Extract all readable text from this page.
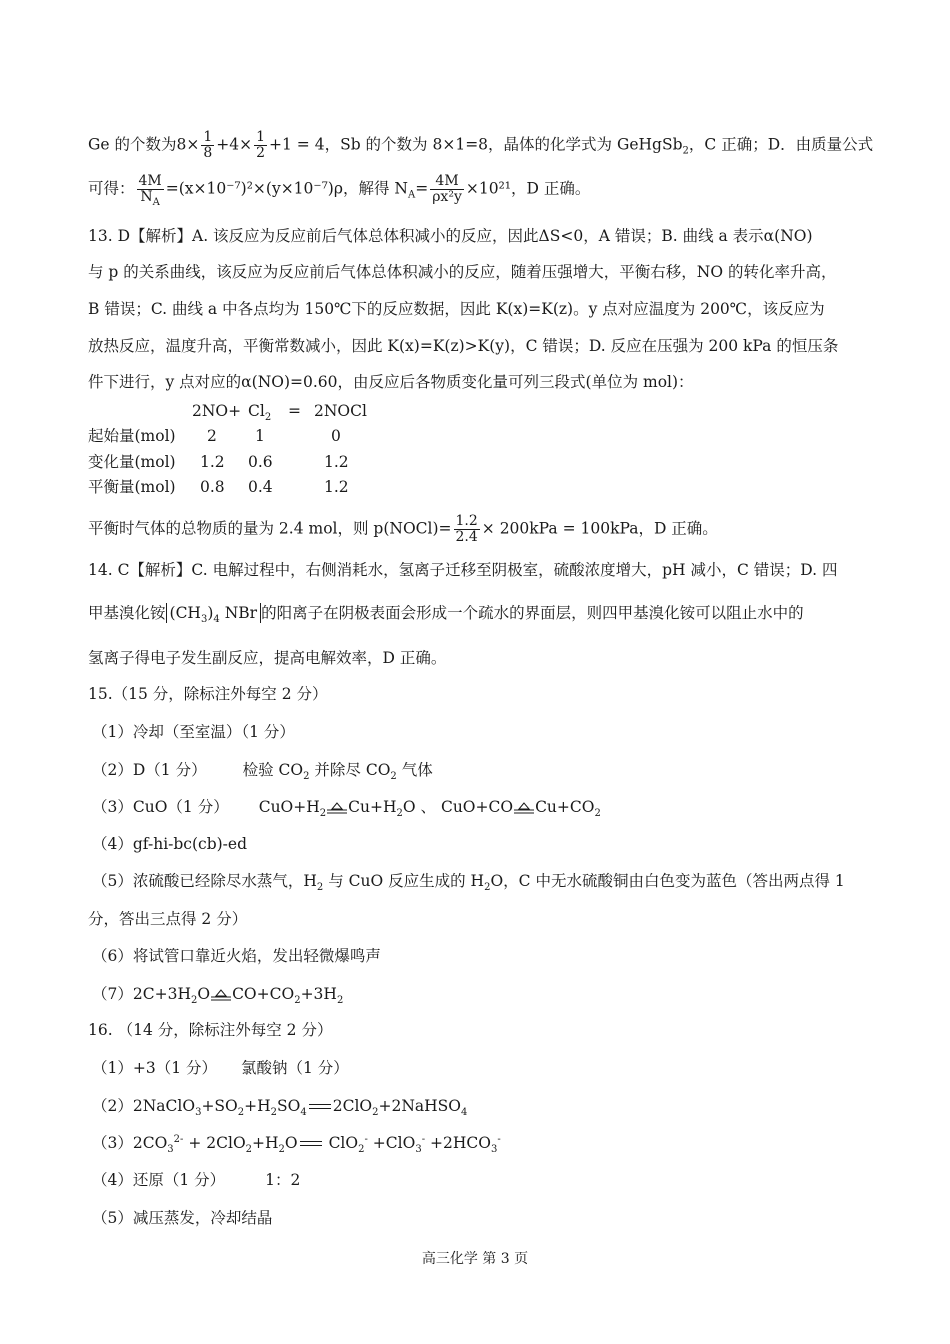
Ge 的个数为$8\times \frac{1}{8} +4\times \frac{1}{2} +1 = 4$，Sb 的个数为 8×1=8，晶体的化学式为 GeHgSb$_2$，C 正确；D．由质量公式
可得： $\frac{4M}{N_A} =(x\times 10^{-7})^2\times(y\times 10^{-7})\rho$，解得 $N_A= \frac{4M}{\text{ρx²y}} \times 10^{21}$，D 正确。
13. D【解析】A. 该反应为反应前后气体总体积减小的反应，因此ΔS<0，A 错误；B. 曲线 a 表示α(NO)
与 p 的关系曲线，该反应为反应前后气体总体积减小的反应，随着压强增大，平衡右移，NO 的转化率升高，
B 错误；C. 曲线 a 中各点均为 150℃下的反应数据，因此 K(x)=K(z)。y 点对应温度为 200℃，该反应为
放热反应，温度升高，平衡常数减小，因此 K(x)=K(z)>K(y)，C 错误；D. 反应在压强为 200 kPa 的恒压条
件下进行，y 点对应的α(NO)=0.60，由反应后各物质变化量可列三段式(单位为 mol)：
$2NO+ Cl_2$ = 2NOCl
起始量(mol) 2 1	0
变化量(mol) 1.2 0.6	1.2
平衡量(mol) 0.8 0.4	1.2
平衡时气体的总物质的量为 2.4 mol，则 p(NOCl)= $\frac{1.2}{2.4} \times 200kPa = 100kPa$，D 正确。
14. C【解析】C. 电解过程中，右侧消耗水，氢离子迁移至阴极室，硫酸浓度增大，pH 减小，C 错误；D. 四
甲基溴化铵 $(CH_3)_4$ NBr 的阳离子在阴极表面会形成一个疏水的界面层，则四甲基溴化铵可以阻止水中的
氢离子得电子发生副反应，提高电解效率，D 正确。
15.（15 分，除标注外每空 2 分）
（1）冷却（至室温）（1 分）
（2）D（1 分） 检验 $CO_2$ 并除尽 $CO_2$ 气体
（3）CuO（1 分） $CuO+H_2$ $Cu+H_2O$ 、 CuO+CO $Cu+CO_2$
（4）gf-hi-bc(cb)-ed
（5）浓硫酸已经除尽水蒸气，$H_2$ 与 CuO 反应生成的 $H_2O$，C 中无水硫酸铜由白色变为蓝色（答出两点得 1
分，答出三点得 2 分）
（6）将试管口靠近火焰，发出轻微爆鸣声
$(7)2C+3H_2O$ $CO+CO_2+3H_2$
16. （14 分，除标注外每空 2 分）
（1）+3（1 分） 氯酸钠（1 分）
$(2)2NaClO_3+SO_2+H_2SO_4$ 2ClO$_2$+2NaHSO$_4$
$(3)2CO_3^{2-} + 2ClO_2+H_2O$ $ClO_2^- +ClO_3^- +2HCO_3^-$
（4）还原（1 分）	1：2
（5）减压蒸发，冷却结晶
高三化学 第 3 页
